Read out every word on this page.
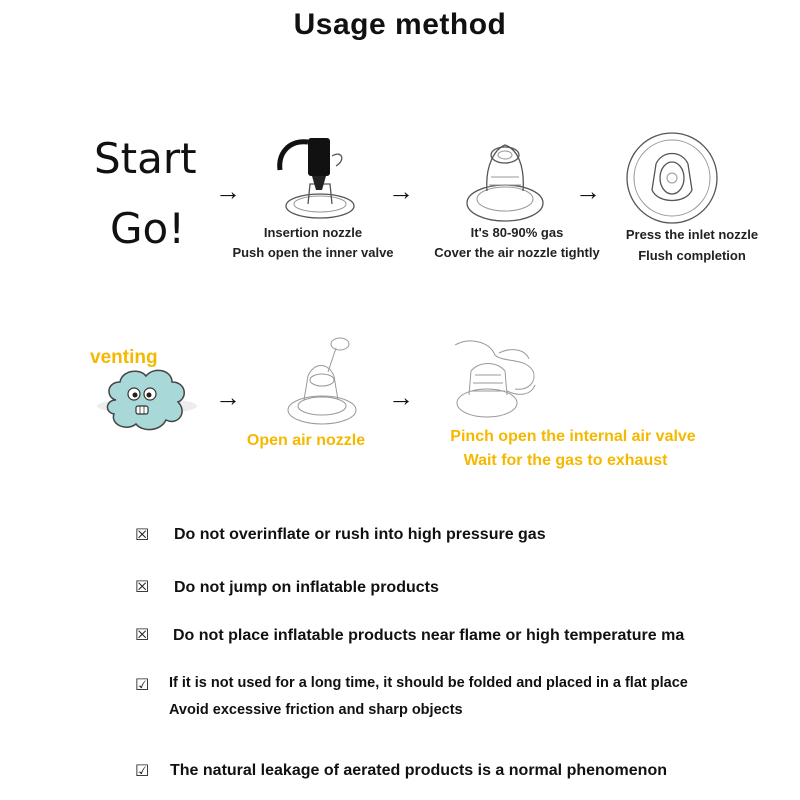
Usage method
Start
Go!
→	→	→
Insertion nozzle
Push open the inner valve
It's 80-90% gas
Cover the air nozzle tightly
Press the inlet nozzle
Flush completion
venting
→	→
Open air nozzle	Pinch open the internal air valve
Wait for the gas to exhaust
☒ Do not overinflate or rush into high pressure gas
☒ Do not jump on inflatable products
☒ Do not place inflatable products near flame or high temperature ma
☑ If it is not used for a long time, it should be folded and placed in a flat place
Avoid excessive friction and sharp objects
☑ The natural leakage of aerated products is a normal phenomenon
